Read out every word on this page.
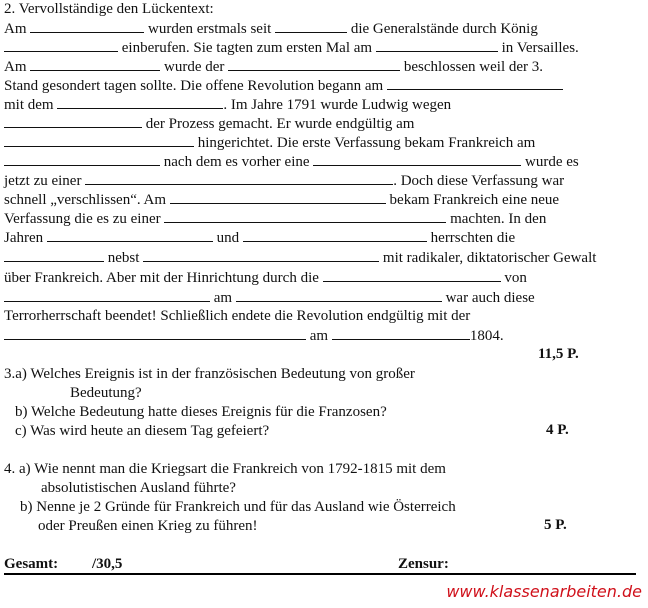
2. Vervollständige den Lückentext:
Am	wurden erstmals seit	die Generalstände durch König
einberufen. Sie tagten zum ersten Mal am	in Versailles.
Am	wurde der	beschlossen weil der 3.
Stand gesondert tagen sollte. Die offene Revolution begann am
mit dem	. Im Jahre 1791 wurde Ludwig wegen
der Prozess gemacht. Er wurde endgültig am
hingerichtet. Die erste Verfassung bekam Frankreich am
nach dem es vorher eine	wurde es
jetzt zu einer	. Doch diese Verfassung war
schnell „verschlissen“. Am	bekam Frankreich eine neue
Verfassung die es zu einer	machten. In den
Jahren	und	herrschten die
nebst	mit radikaler, diktatorischer Gewalt
über Frankreich. Aber mit der Hinrichtung durch die	von
am	war auch diese
Terrorherrschaft beendet! Schließlich endete die Revolution endgültig mit der
am	1804.
11,5 P.
3.a) Welches Ereignis ist in der französischen Bedeutung von großer
Bedeutung?
b) Welche Bedeutung hatte dieses Ereignis für die Franzosen?
c) Was wird heute an diesem Tag gefeiert?	4 P.
4. a) Wie nennt man die Kriegsart die Frankreich von 1792-1815 mit dem
absolutistischen Ausland führte?
b) Nenne je 2 Gründe für Frankreich und für das Ausland wie Österreich
oder Preußen einen Krieg zu führen!	5 P.
Gesamt: /30,5	Zensur:
www.klassenarbeiten.de
